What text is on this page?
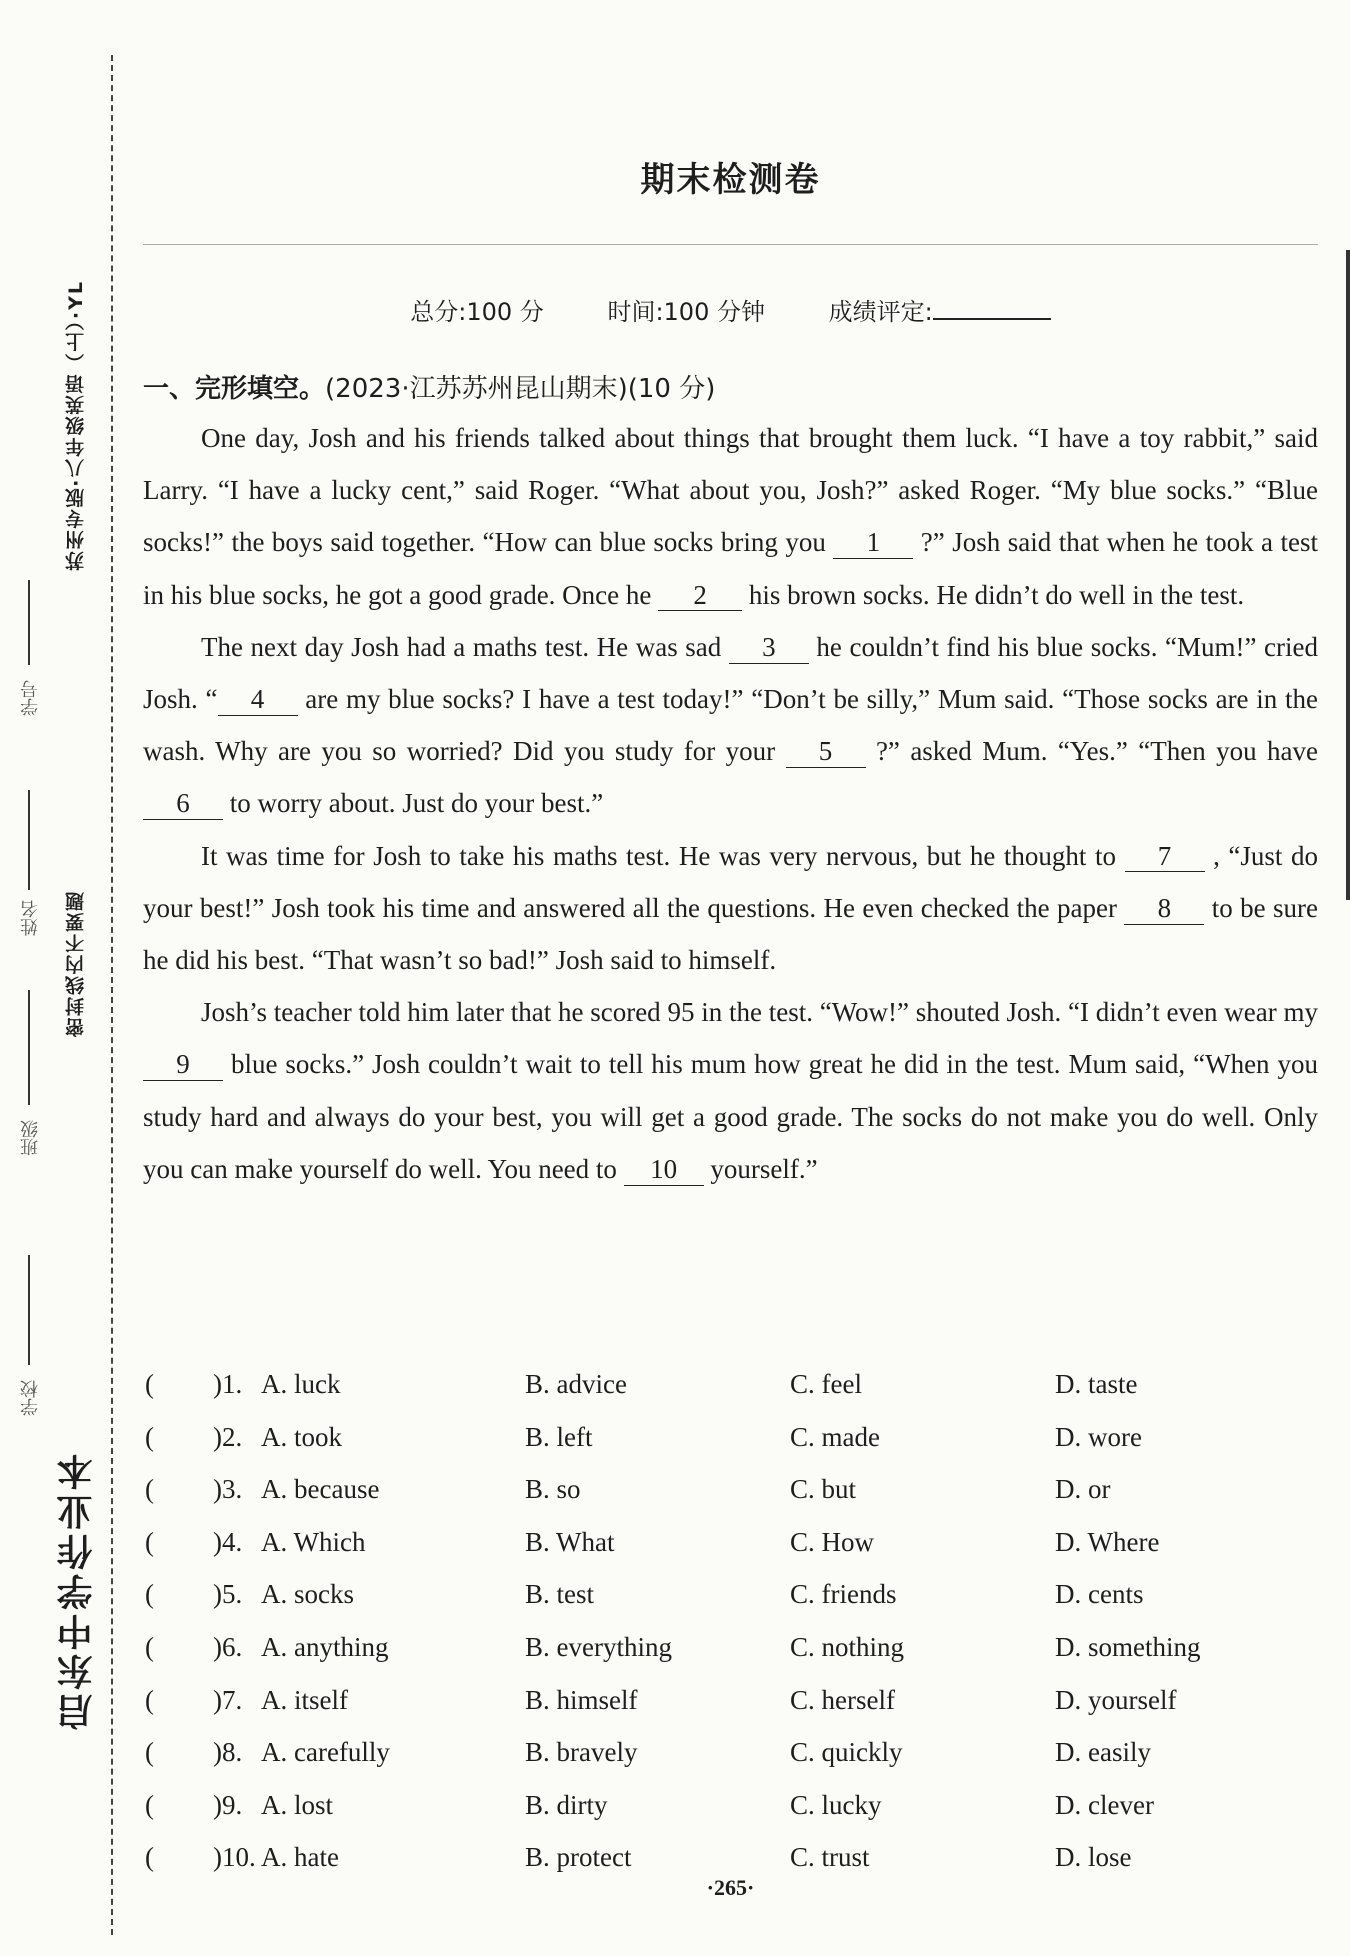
苏州专版·八年级英语（上）·YL
密封线内不要题
启东中学作业本
学校
班级
姓名
学号
期末检测卷
总分:100 分	时间:100 分钟	成绩评定:
一、完形填空。(2023·江苏苏州昆山期末)(10 分)

One day, Josh and his friends talked about things that brought them luck. “I have a toy rabbit,” said Larry. “I have a lucky cent,” said Roger. “What about you, Josh?” asked Roger. “My blue socks.” “Blue socks!” the boys said together. “How can blue socks bring you 1 ?” Josh said that when he took a test in his blue socks, he got a good grade. Once he 2 his brown socks. He didn’t do well in the test.

The next day Josh had a maths test. He was sad 3 he couldn’t find his blue socks. “Mum!” cried Josh. “ 4 are my blue socks? I have a test today!” “Don’t be silly,” Mum said. “Those socks are in the wash. Why are you so worried? Did you study for your 5 ?” asked Mum. “Yes.” “Then you have 6 to worry about. Just do your best.”

It was time for Josh to take his maths test. He was very nervous, but he thought to 7 , “Just do your best!” Josh took his time and answered all the questions. He even checked the paper 8 to be sure he did his best. “That wasn’t so bad!” Josh said to himself.

Josh’s teacher told him later that he scored 95 in the test. “Wow!” shouted Josh. “I didn’t even wear my 9 blue socks.” Josh couldn’t wait to tell his mum how great he did in the test. Mum said, “When you study hard and always do your best, you will get a good grade. The socks do not make you do well. Only you can make yourself do well. You need to 10 yourself.”

( )1. A. luck	B. advice	C. feel	D. taste
( )2. A. took	B. left	C. made	D. wore
( )3. A. because	B. so	C. but	D. or
( )4. A. Which	B. What	C. How	D. Where
( )5. A. socks	B. test	C. friends	D. cents
( )6. A. anything	B. everything	C. nothing	D. something
( )7. A. itself	B. himself	C. herself	D. yourself
( )8. A. carefully	B. bravely	C. quickly	D. easily
( )9. A. lost	B. dirty	C. lucky	D. clever
( )10. A. hate	B. protect	C. trust	D. lose
·265·
